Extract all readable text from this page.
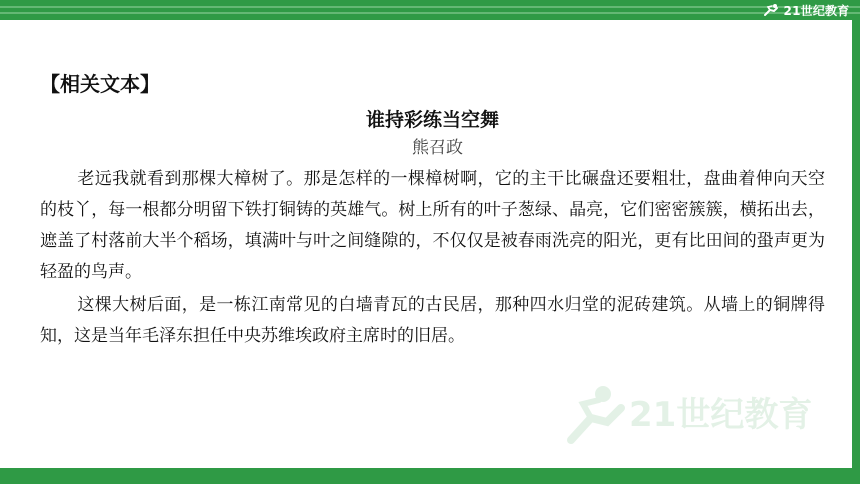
21世纪教育
【相关文本】
谁持彩练当空舞
熊召政

老远我就看到那棵大樟树了。那是怎样的一棵樟树啊，它的主干比碾盘还要粗壮，盘曲着伸向天空的枝丫，每一根都分明留下铁打铜铸的英雄气。树上所有的叶子葱绿、晶亮，它们密密簇簇，横拓出去，遮盖了村落前大半个稻场，填满叶与叶之间缝隙的，不仅仅是被春雨洗亮的阳光，更有比田间的蛩声更为轻盈的鸟声。

这棵大树后面，是一栋江南常见的白墙青瓦的古民居，那种四水归堂的泥砖建筑。从墙上的铜牌得知，这是当年毛泽东担任中央苏维埃政府主席时的旧居。

21世纪教育
